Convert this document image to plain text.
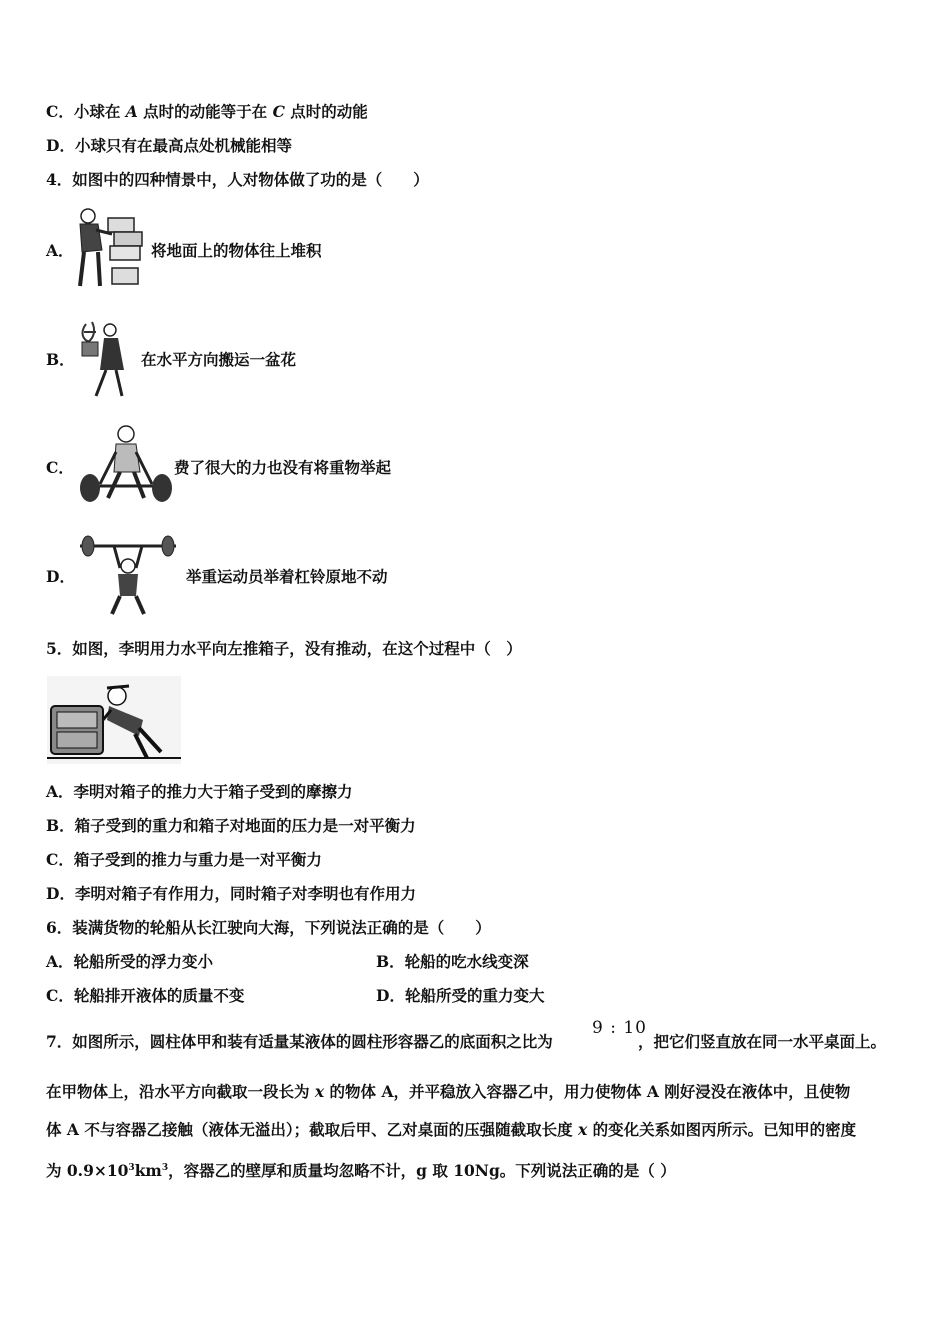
C．小球在 A 点时的动能等于在 C 点时的动能
D．小球只有在最高点处机械能相等
4．如图中的四种情景中，人对物体做了功的是（　　）
A．	将地面上的物体往上堆积
B．	在水平方向搬运一盆花
C．	费了很大的力也没有将重物举起
D．	举重运动员举着杠铃原地不动
5．如图，李明用力水平向左推箱子，没有推动，在这个过程中（　）
A．李明对箱子的推力大于箱子受到的摩擦力
B．箱子受到的重力和箱子对地面的压力是一对平衡力
C．箱子受到的推力与重力是一对平衡力
D．李明对箱子有作用力，同时箱子对李明也有作用力
6．装满货物的轮船从长江驶向大海，下列说法正确的是（　　）
A．轮船所受的浮力变小	B．轮船的吃水线变深
C．轮船排开液体的质量不变	D．轮船所受的重力变大
7．如图所示，圆柱体甲和装有适量某液体的圆柱形容器乙的底面积之比为
9 : 10
，把它们竖直放在同一水平桌面上。
在甲物体上，沿水平方向截取一段长为 x 的物体 A，并平稳放入容器乙中，用力使物体 A 刚好浸没在液体中，且使物
体 A 不与容器乙接触（液体无溢出）；截取后甲、乙对桌面的压强随截取长度 x 的变化关系如图丙所示。已知甲的密度
为 $0.9\times 10^3km^3$，容器乙的壁厚和质量均忽略不计，g 取 10Ng。下列说法正确的是（ ）
